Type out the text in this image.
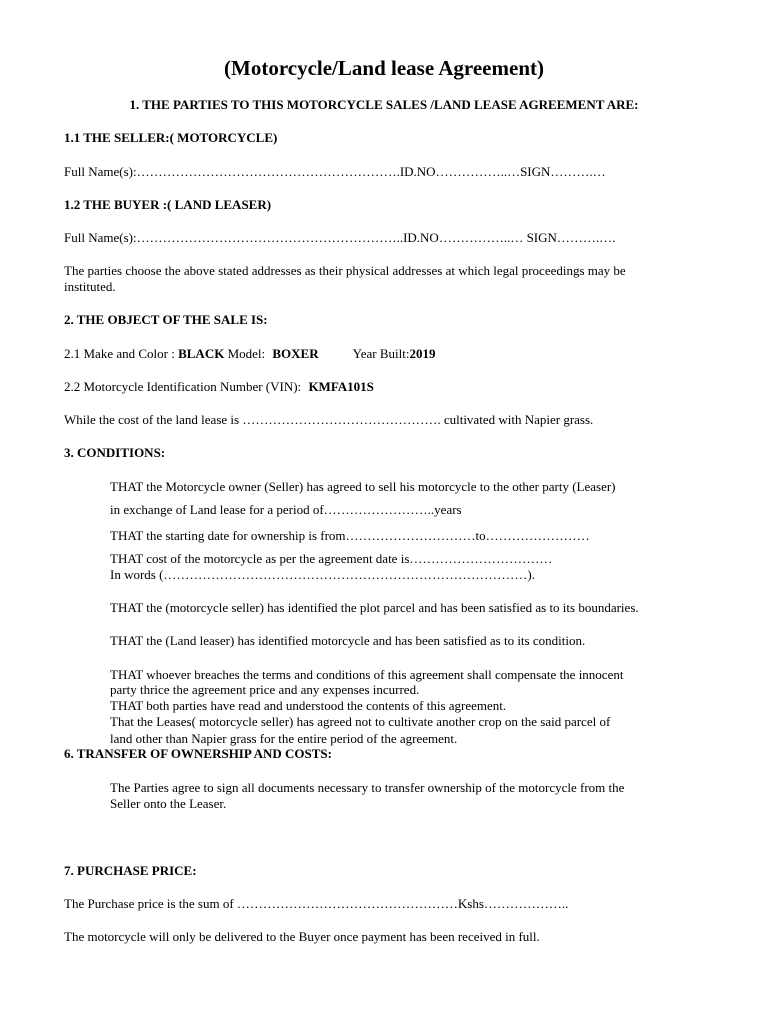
(Motorcycle/Land lease Agreement)
1. THE PARTIES TO THIS MOTORCYCLE SALES /LAND LEASE AGREEMENT ARE:
1.1 THE SELLER:( MOTORCYCLE)
Full Name(s):…………………………………………………….ID.NO……………..…SIGN……….…
1.2 THE BUYER :( LAND LEASER)
Full Name(s):……………………………………………………..ID.NO……………..… SIGN……….….
The parties choose the above stated addresses as their physical addresses at which legal proceedings may be
instituted.
2. THE OBJECT OF THE SALE IS:
2.1 Make and Color : BLACK Model: BOXER	Year Built:2019
2.2 Motorcycle Identification Number (VIN): KMFA101S
While the cost of the land lease is ………………………………………. cultivated with Napier grass.
3. CONDITIONS:
THAT the Motorcycle owner (Seller) has agreed to sell his motorcycle to the other party (Leaser)
in exchange of Land lease for a period of……………………..years
THAT the starting date for ownership is from…………………………to……………………
THAT cost of the motorcycle as per the agreement date is……………………………
In words (…………………………………………………………………………).
THAT the (motorcycle seller) has identified the plot parcel and has been satisfied as to its boundaries.
THAT the (Land leaser) has identified motorcycle and has been satisfied as to its condition.
THAT whoever breaches the terms and conditions of this agreement shall compensate the innocent
party thrice the agreement price and any expenses incurred.
THAT both parties have read and understood the contents of this agreement.
That the Leases( motorcycle seller) has agreed not to cultivate another crop on the said parcel of
land other than Napier grass for the entire period of the agreement.
6. TRANSFER OF OWNERSHIP AND COSTS:
The Parties agree to sign all documents necessary to transfer ownership of the motorcycle from the
Seller onto the Leaser.
7. PURCHASE PRICE:
The Purchase price is the sum of ……………………………………………Kshs………………..
The motorcycle will only be delivered to the Buyer once payment has been received in full.
